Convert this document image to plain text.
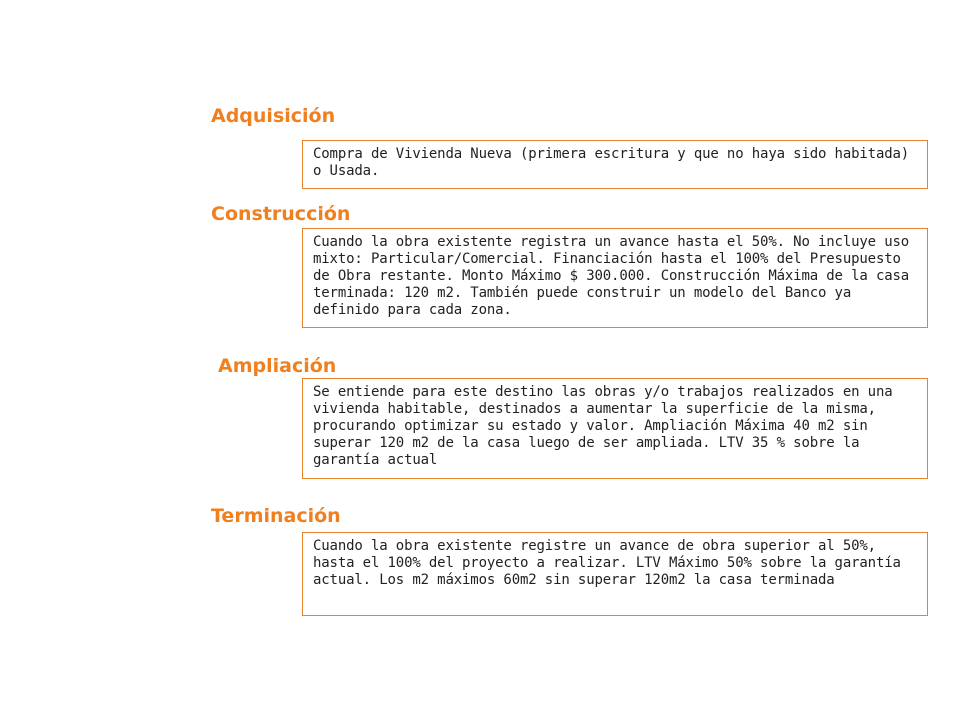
Adquisición

Compra de Vivienda Nueva (primera escritura y que no haya sido habitada) o Usada.

Construcción

Cuando la obra existente registra un avance hasta el 50%. No incluye uso mixto: Particular/Comercial. Financiación hasta el 100% del Presupuesto de Obra restante. Monto Máximo $ 300.000. Construcción Máxima de la casa terminada: 120 m2. También puede construir un modelo del Banco ya definido para cada zona.

Ampliación

Se entiende para este destino las obras y/o trabajos realizados en una vivienda habitable, destinados a aumentar la superficie de la misma, procurando optimizar su estado y valor. Ampliación Máxima 40 m2 sin superar 120 m2 de la casa luego de ser ampliada. LTV 35 % sobre la garantía actual

Terminación

Cuando la obra existente registre un avance de obra superior al 50%, hasta el 100% del proyecto a realizar. LTV Máximo 50% sobre la garantía actual. Los m2 máximos 60m2 sin superar 120m2 la casa terminada
